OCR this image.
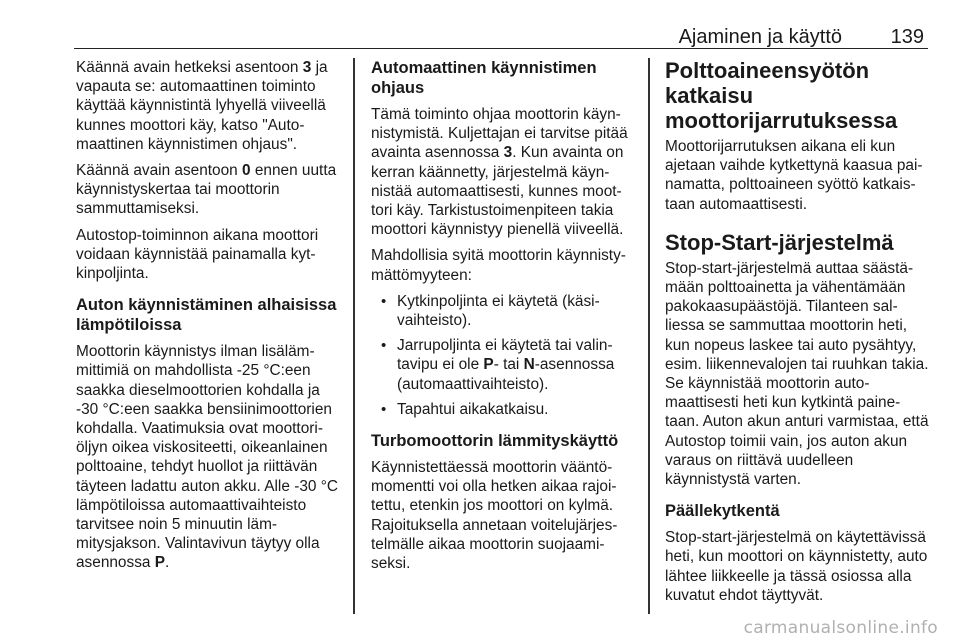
Ajaminen ja käyttö 139

Käännä avain hetkeksi asentoon 3 ja vapauta se: automaattinen toiminto käyttää käynnistintä lyhyellä viiveellä kunnes moottori käy, katso "Automaattinen käynnistimen ohjaus".

Käännä avain asentoon 0 ennen uutta käynnistyskertaa tai moottorin sammuttamiseksi.

Autostop-toiminnon aikana moottori voidaan käynnistää painamalla kytkinpoljinta.

Auton käynnistäminen alhaisissa lämpötiloissa

Moottorin käynnistys ilman lisälämmittimiä on mahdollista -25 °C:een saakka dieselmoottorien kohdalla ja -30 °C:een saakka bensiinimoottorien kohdalla. Vaatimuksia ovat moottoriöljyn oikea viskositeetti, oikeanlainen polttoaine, tehdyt huollot ja riittävän täyteen ladattu auton akku. Alle -30 °C lämpötiloissa automaattivaihteisto tarvitsee noin 5 minuutin lämmitysjakson. Valintavivun täytyy olla asennossa P.

Automaattinen käynnistimen ohjaus

Tämä toiminto ohjaa moottorin käynnistymistä. Kuljettajan ei tarvitse pitää avainta asennossa 3. Kun avainta on kerran käännetty, järjestelmä käynnistää automaattisesti, kunnes moottori käy. Tarkistustoimenpiteen takia moottori käynnistyy pienellä viiveellä.

Mahdollisia syitä moottorin käynnistymättömyyteen:

• Kytkinpoljinta ei käytetä (käsivaihteisto).
• Jarrupoljinta ei käytetä tai valintavipu ei ole P- tai N-asennossa (automaattivaihteisto).
• Tapahtui aikakatkaisu.
Turbomoottorin lämmityskäyttö

Käynnistettäessä moottorin vääntömomentti voi olla hetken aikaa rajoitettu, etenkin jos moottori on kylmä. Rajoituksella annetaan voitelujärjestelmälle aikaa moottorin suojaamiseksi.

Polttoaineensyötön katkaisu moottorijarrutuksessa

Moottorijarrutuksen aikana eli kun ajetaan vaihde kytkettynä kaasua painamatta, polttoaineen syöttö katkaistaan automaattisesti.

Stop-Start-järjestelmä

Stop-start-järjestelmä auttaa säästämään polttoainetta ja vähentämään pakokaasupäästöjä. Tilanteen salliessa se sammuttaa moottorin heti, kun nopeus laskee tai auto pysähtyy, esim. liikennevalojen tai ruuhkan takia. Se käynnistää moottorin automaattisesti heti kun kytkintä painetaan. Auton akun anturi varmistaa, että Autostop toimii vain, jos auton akun varaus on riittävä uudelleen käynnistystä varten.

Päällekytkentä

Stop-start-järjestelmä on käytettävissä heti, kun moottori on käynnistetty, auto lähtee liikkeelle ja tässä osiossa alla kuvatut ehdot täyttyvät.

carmanualsonline.info
